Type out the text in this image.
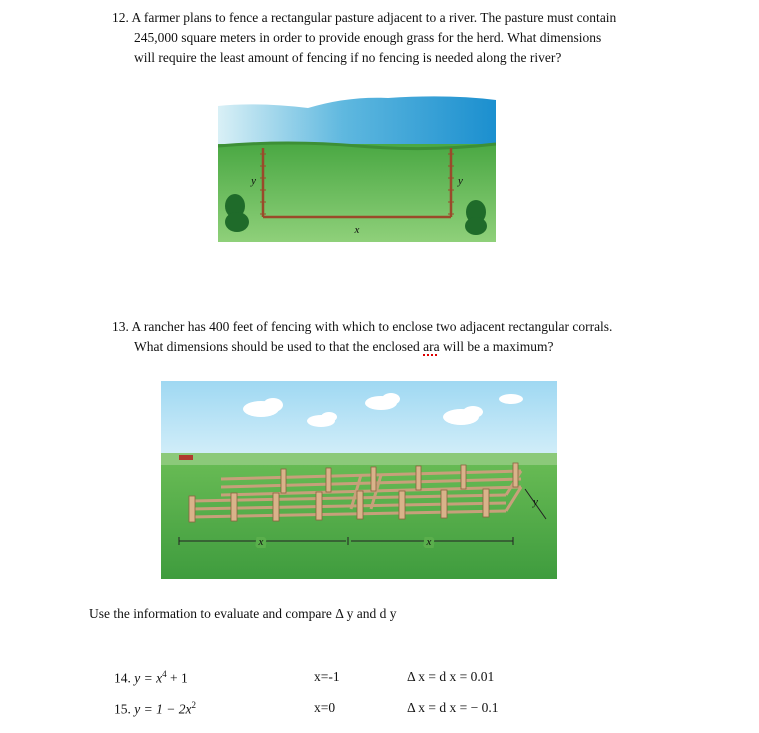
12. A farmer plans to fence a rectangular pasture adjacent to a river. The pasture must contain
245,000 square meters in order to provide enough grass for the herd. What dimensions
will require the least amount of fencing if no fencing is needed along the river?
y	y
x
13. A rancher has 400 feet of fencing with which to enclose two adjacent rectangular corrals.
What dimensions should be used to that the enclosed ara will be a maximum?
x	x
y
Use the information to evaluate and compare Δ y and d y
14. $y = x^4 + 1$	x=-1	Δ x = d x = 0.01
15. $y = 1 - 2x^2$	x=0	Δ x = d x = − 0.1
